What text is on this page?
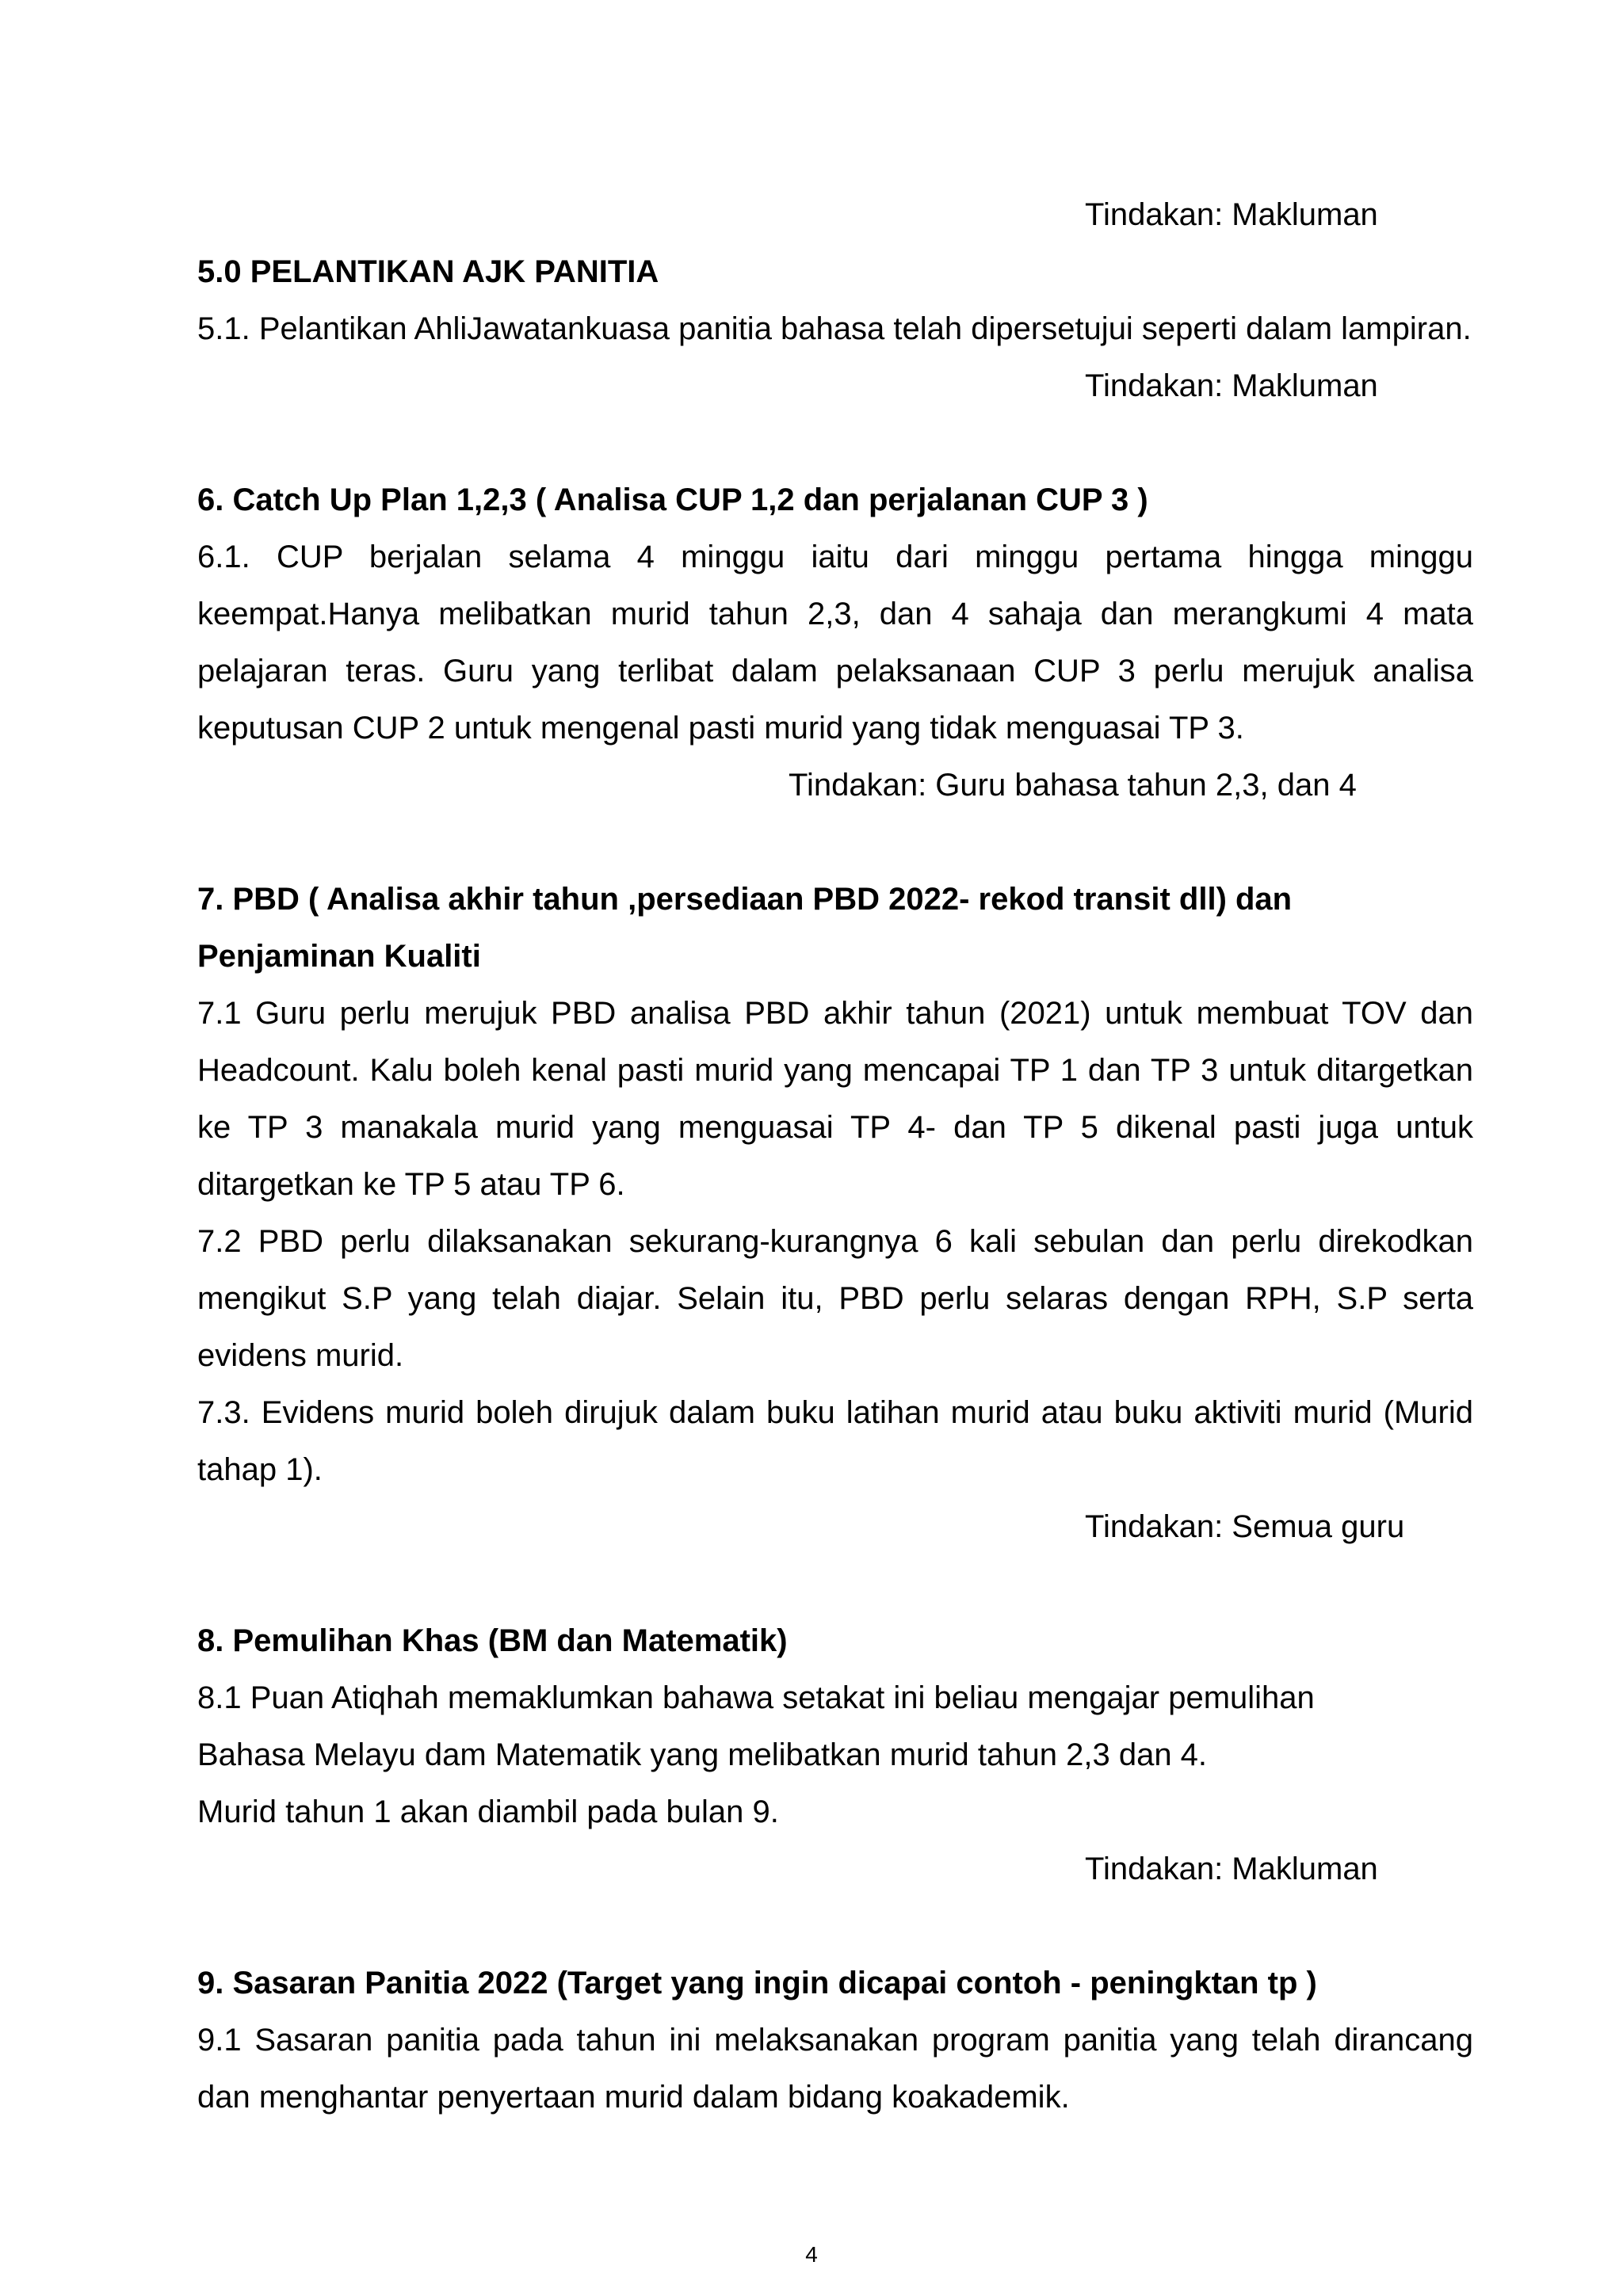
Tindakan: Makluman

5.0 PELANTIKAN AJK PANITIA

5.1. Pelantikan AhliJawatankuasa panitia bahasa telah dipersetujui seperti dalam lampiran.

Tindakan: Makluman

6. Catch Up Plan 1,2,3 ( Analisa CUP 1,2 dan perjalanan CUP 3 )

6.1. CUP berjalan selama 4 minggu iaitu dari minggu pertama hingga minggu keempat.Hanya melibatkan murid tahun 2,3, dan 4 sahaja dan merangkumi 4 mata pelajaran teras. Guru yang terlibat dalam pelaksanaan CUP 3 perlu merujuk analisa keputusan CUP 2 untuk mengenal pasti murid yang tidak menguasai TP 3.

Tindakan: Guru bahasa tahun 2,3, dan 4

7. PBD ( Analisa akhir tahun ,persediaan PBD 2022- rekod transit dll) dan Penjaminan Kualiti

7.1 Guru perlu merujuk PBD analisa PBD akhir tahun (2021) untuk membuat TOV dan Headcount. Kalu boleh kenal pasti murid yang mencapai TP 1 dan TP 3 untuk ditargetkan ke TP 3 manakala murid yang menguasai TP 4- dan TP 5 dikenal pasti juga untuk ditargetkan ke TP 5 atau TP 6.

7.2 PBD perlu dilaksanakan sekurang-kurangnya 6 kali sebulan dan perlu direkodkan mengikut S.P yang telah diajar. Selain itu, PBD perlu selaras dengan RPH, S.P serta evidens murid.

7.3. Evidens murid boleh dirujuk dalam buku latihan murid atau buku aktiviti murid (Murid tahap 1).

Tindakan: Semua guru

8. Pemulihan Khas (BM dan Matematik)

8.1 Puan Atiqhah memaklumkan bahawa setakat ini beliau mengajar pemulihan

Bahasa Melayu dam Matematik yang melibatkan murid tahun 2,3 dan 4.

Murid tahun 1 akan diambil pada bulan 9.

Tindakan: Makluman

9. Sasaran Panitia 2022 (Target yang ingin dicapai contoh - peningktan tp )

9.1 Sasaran panitia pada tahun ini melaksanakan program panitia yang telah dirancang dan menghantar penyertaan murid dalam bidang koakademik.

4
